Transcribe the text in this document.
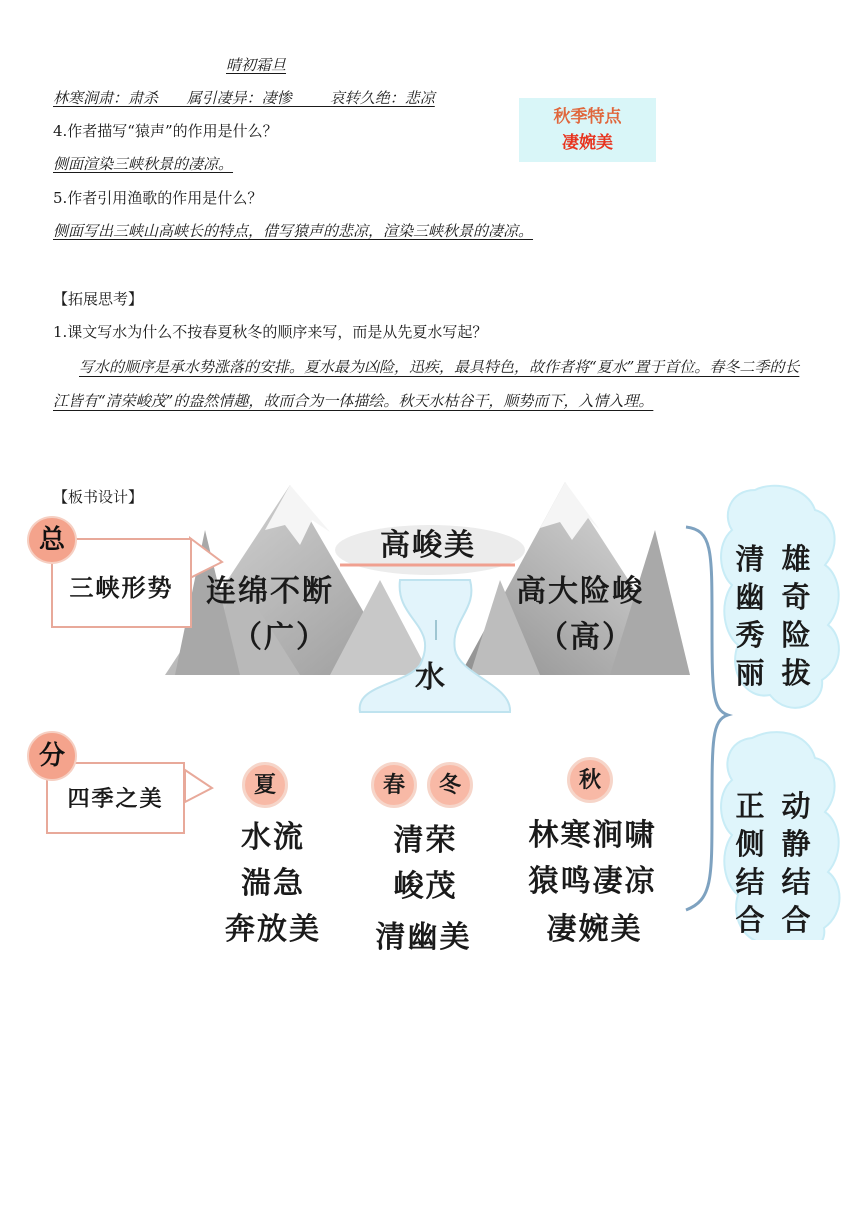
晴初霜旦
林寒涧肃：肃杀      属引凄异：凄惨        哀转久绝：悲凉
4.作者描写“猿声”的作用是什么？
侧面渲染三峡秋景的凄凉。
5.作者引用渔歌的作用是什么？
侧面写出三峡山高峡长的特点，借写猿声的悲凉，渲染三峡秋景的凄凉。
秋季特点
凄婉美
【拓展思考】
1.课文写水为什么不按春夏秋冬的顺序来写，而是从先夏水写起？
写水的顺序是承水势涨落的安排。夏水最为凶险，迅疾，最具特色，故作者将“夏水”置于首位。春冬二季的长江皆有“清荣峻茂”的盎然情趣，故而合为一体描绘。秋天水枯谷干，顺势而下，入情入理。
【板书设计】
三峡形势
总	高峻美
连绵不断
（广）
高大险峻
（高）
水
四季之美
分
夏	春	冬	秋
水流
湍急
奔放美
清荣
峻茂
清幽美
林寒涧啸
猿鸣凄凉
凄婉美
清
幽
秀
丽
雄
奇
险
拔
正
侧
结
合
动
静
结
合
